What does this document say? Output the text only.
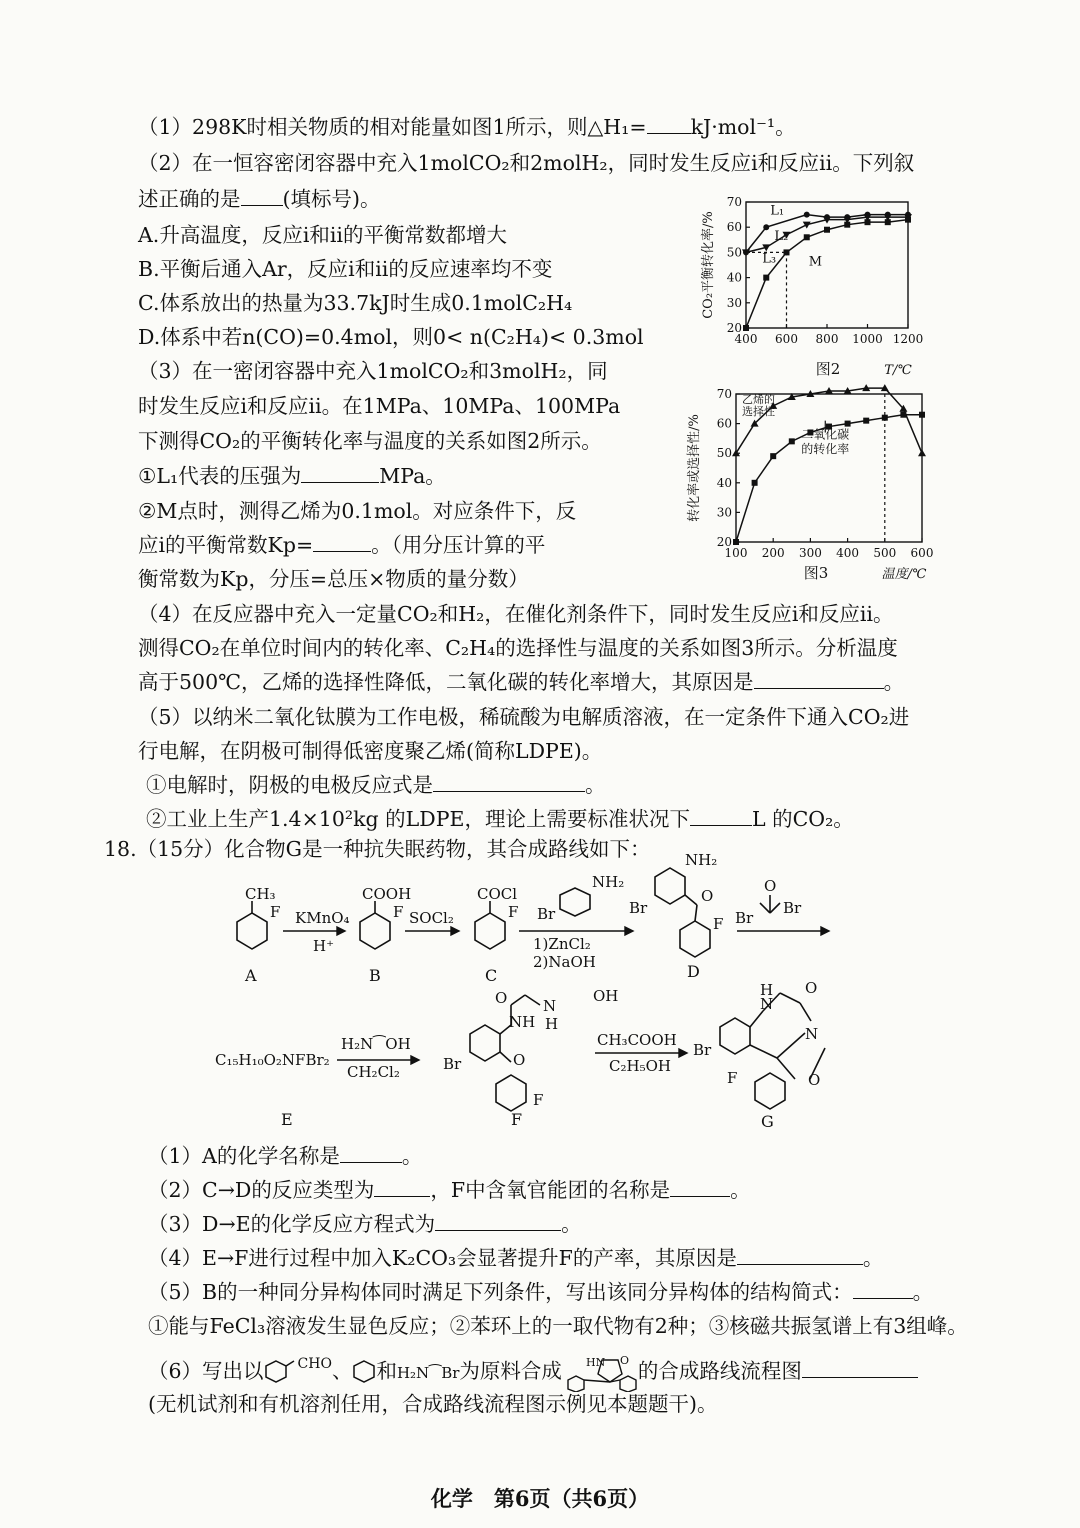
（1）298K时相关物质的相对能量如图1所示，则△H₁= kJ·mol⁻¹。
（2）在一恒容密闭容器中充入1molCO₂和2molH₂，同时发生反应ⅰ和反应ⅱ。下列叙
述正确的是 (填标号)。
A.升高温度，反应ⅰ和ⅱ的平衡常数都增大
B.平衡后通入Ar，反应ⅰ和ⅱ的反应速率均不变
C.体系放出的热量为33.7kJ时生成0.1molC₂H₄
D.体系中若n(CO)=0.4mol，则0< n(C₂H₄)< 0.3mol
（3）在一密闭容器中充入1molCO₂和3molH₂，同
时发生反应ⅰ和反应ⅱ。在1MPa、10MPa、100MPa
下测得CO₂的平衡转化率与温度的关系如图2所示。
①L₁代表的压强为	MPa。
②M点时，测得乙烯为0.1mol。对应条件下，反
应ⅰ的平衡常数Kp=	。（用分压计算的平
衡常数为Kp，分压=总压×物质的量分数）
（4）在反应器中充入一定量CO₂和H₂，在催化剂条件下，同时发生反应ⅰ和反应ⅱ。
测得CO₂在单位时间内的转化率、C₂H₄的选择性与温度的关系如图3所示。分析温度
高于500℃，乙烯的选择性降低，二氧化碳的转化率增大，其原因是	。
（5）以纳米二氧化钛膜为工作电极，稀硫酸为电解质溶液，在一定条件下通入CO₂进
行电解，在阴极可制得低密度聚乙烯(简称LDPE)。
①电解时，阴极的电极反应式是	。
②工业上生产1.4×10²kg 的LDPE，理论上需要标准状况下	L 的CO₂。
20
30
40
50
60
70
400 600 800 1000 1200
图2	T/℃
CO₂平衡转化率/%	M
L₁
L₂
L₃
20
30
40
50
60
70
100 200 300 400 500 600
图3	温度/℃
转化率或选择性/%
乙烯的
选择性
二氧化碳
的转化率
18.（15分）化合物G是一种抗失眠药物，其合成路线如下：
CH₃
F KMnO₄
H⁺
COOH
F SOCl₂
COCl
F
NH₂
Br
1)ZnCl₂
2)NaOH
NH₂
O
Br
F
O
Br
Br
C₁₅H₁₀O₂NFBr₂
H₂N⁀OH
CH₂Cl₂
O N
OH
NH H
Br	O
F
CH₃COOH
C₂H₅OH
H
N
O
N
Br
O
F
A	B	C	D
E	F	G
（1）A的化学名称是	。
（2）C→D的反应类型为	，F中含氧官能团的名称是	。
（3）D→E的化学反应方程式为	。
（4）E→F进行过程中加入K₂CO₃会显著提升F的产率，其原因是	。
（5）B的一种同分异构体同时满足下列条件，写出该同分异构体的结构简式：	。
①能与FeCl₃溶液发生显色反应；②苯环上的一取代物有2种；③核磁共振氢谱上有3组峰。
（6）写出以 $^{CHO}$、 和H₂N⁀Br为原料合成 HN O 的合成路线流程图
(无机试剂和有机溶剂任用，合成路线流程图示例见本题题干)。
化学　第6页（共6页）
